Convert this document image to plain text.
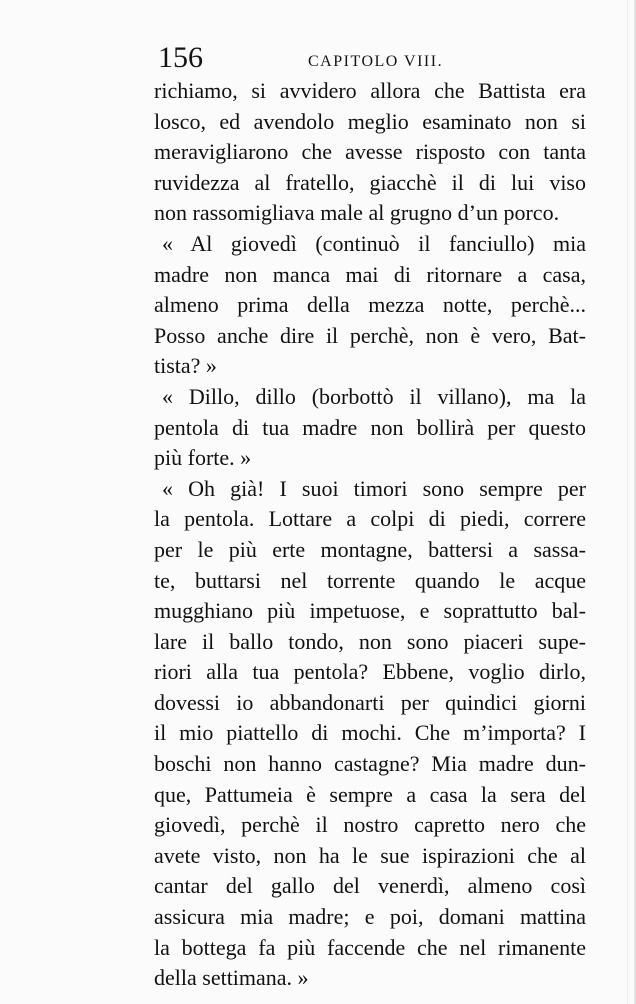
156	CAPITOLO VIII.
richiamo, si avvidero allora che Battista era
losco, ed avendolo meglio esaminato non si
meravigliarono che avesse risposto con tanta
ruvidezza al fratello, giacchè il di lui viso
non rassomigliava male al grugno d’un porco.
« Al giovedì (continuò il fanciullo) mia
madre non manca mai di ritornare a casa,
almeno prima della mezza notte, perchè...
Posso anche dire il perchè, non è vero, Bat-
tista? »
« Dillo, dillo (borbottò il villano), ma la
pentola di tua madre non bollirà per questo
più forte. »
« Oh già! I suoi timori sono sempre per
la pentola. Lottare a colpi di piedi, correre
per le più erte montagne, battersi a sassa-
te, buttarsi nel torrente quando le acque
mugghiano più impetuose, e soprattutto bal-
lare il ballo tondo, non sono piaceri supe-
riori alla tua pentola? Ebbene, voglio dirlo,
dovessi io abbandonarti per quindici giorni
il mio piattello di mochi. Che m’importa? I
boschi non hanno castagne? Mia madre dun-
que, Pattumeia è sempre a casa la sera del
giovedì, perchè il nostro capretto nero che
avete visto, non ha le sue ispirazioni che al
cantar del gallo del venerdì, almeno così
assicura mia madre; e poi, domani mattina
la bottega fa più faccende che nel rimanente
della settimana. »
